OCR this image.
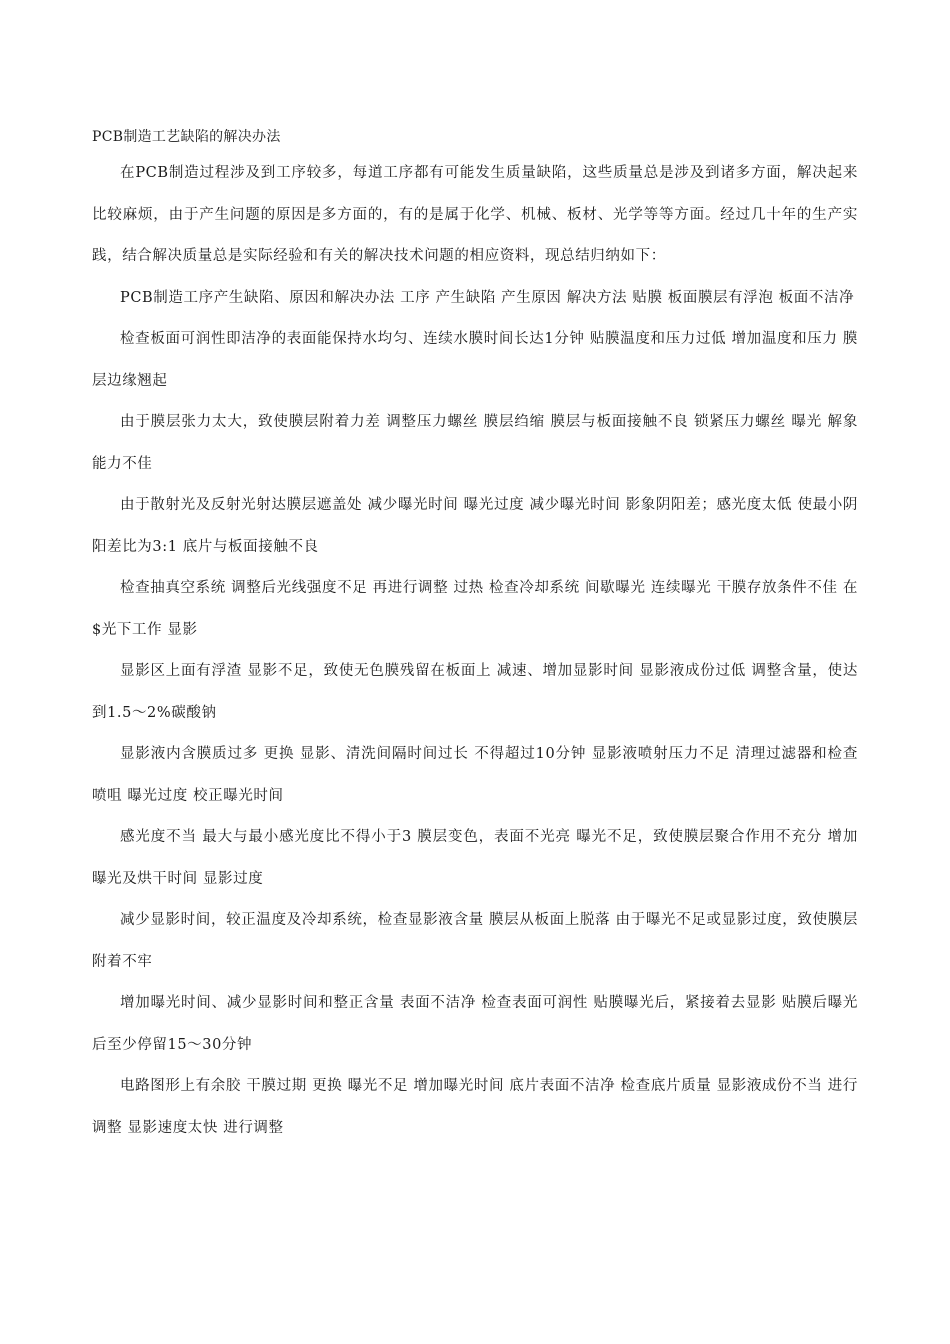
PCB制造工艺缺陷的解决办法

在PCB制造过程涉及到工序较多，每道工序都有可能发生质量缺陷，这些质量总是涉及到诸多方面，解决起来比较麻烦，由于产生问题的原因是多方面的，有的是属于化学、机械、板材、光学等等方面。经过几十年的生产实践，结合解决质量总是实际经验和有关的解决技术问题的相应资料，现总结归纳如下：

PCB制造工序产生缺陷、原因和解决办法 工序 产生缺陷 产生原因 解决方法 贴膜 板面膜层有浮泡 板面不洁净

检查板面可润性即洁净的表面能保持水均匀、连续水膜时间长达1分钟 贴膜温度和压力过低 增加温度和压力 膜层边缘翘起

由于膜层张力太大，致使膜层附着力差 调整压力螺丝 膜层绉缩 膜层与板面接触不良 锁紧压力螺丝 曝光 解象能力不佳

由于散射光及反射光射达膜层遮盖处 减少曝光时间 曝光过度 减少曝光时间 影象阴阳差；感光度太低 使最小阴阳差比为3:1 底片与板面接触不良

检查抽真空系统 调整后光线强度不足 再进行调整 过热 检查冷却系统 间歇曝光 连续曝光 干膜存放条件不佳 在$光下工作 显影

显影区上面有浮渣 显影不足，致使无色膜残留在板面上 减速、增加显影时间 显影液成份过低 调整含量，使达到1.5～2%碳酸钠

显影液内含膜质过多 更换 显影、清洗间隔时间过长 不得超过10分钟 显影液喷射压力不足 清理过滤器和检查喷咀 曝光过度 校正曝光时间

感光度不当 最大与最小感光度比不得小于3 膜层变色，表面不光亮 曝光不足，致使膜层聚合作用不充分 增加曝光及烘干时间 显影过度

减少显影时间，较正温度及冷却系统，检查显影液含量 膜层从板面上脱落 由于曝光不足或显影过度，致使膜层附着不牢

增加曝光时间、减少显影时间和整正含量 表面不洁净 检查表面可润性 贴膜曝光后，紧接着去显影 贴膜后曝光后至少停留15～30分钟

电路图形上有余胶 干膜过期 更换 曝光不足 增加曝光时间 底片表面不洁净 检查底片质量 显影液成份不当 进行调整 显影速度太快 进行调整
